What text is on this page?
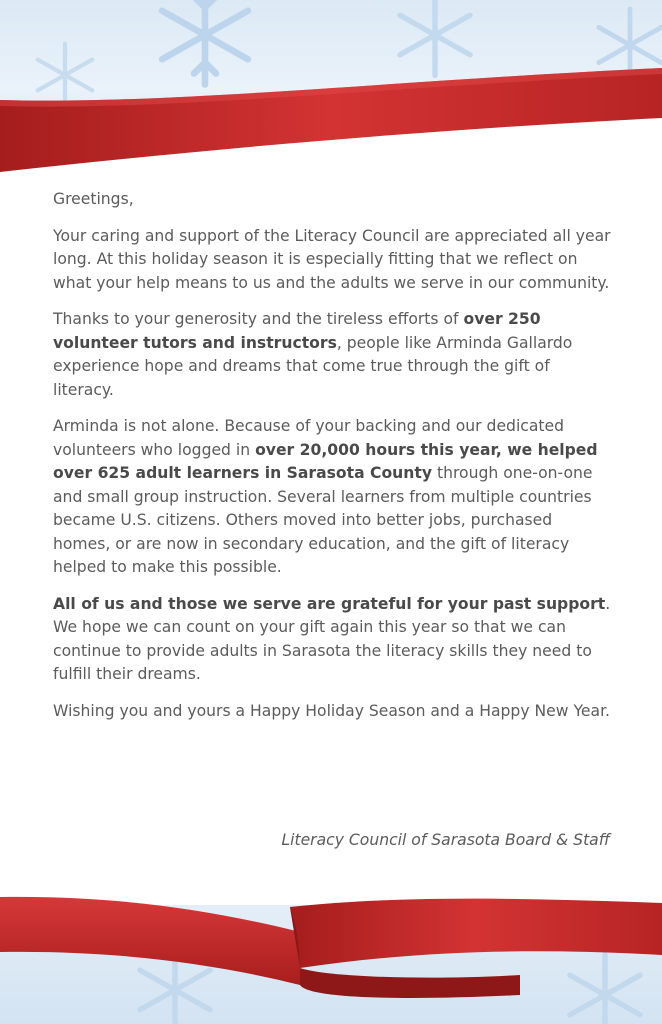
Greetings,

Your caring and support of the Literacy Council are appreciated all year long. At this holiday season it is especially fitting that we reflect on what your help means to us and the adults we serve in our community.

Thanks to your generosity and the tireless efforts of over 250 volunteer tutors and instructors, people like Arminda Gallardo experience hope and dreams that come true through the gift of literacy.

Arminda is not alone. Because of your backing and our dedicated volunteers who logged in over 20,000 hours this year, we helped over 625 adult learners in Sarasota County through one-on-one and small group instruction. Several learners from multiple countries became U.S. citizens. Others moved into better jobs, purchased homes, or are now in secondary education, and the gift of literacy helped to make this possible.

All of us and those we serve are grateful for your past support. We hope we can count on your gift again this year so that we can continue to provide adults in Sarasota the literacy skills they need to fulfill their dreams.

Wishing you and yours a Happy Holiday Season and a Happy New Year.

Literacy Council of Sarasota Board & Staff
